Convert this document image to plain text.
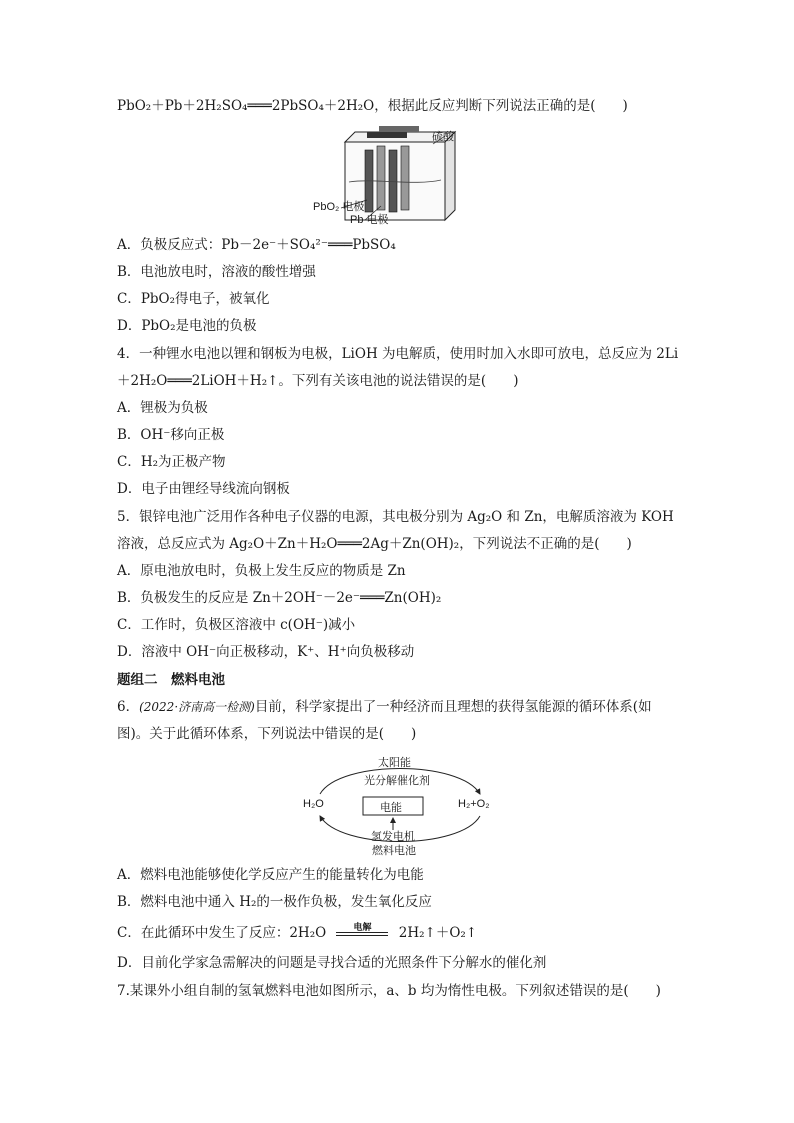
PbO₂＋Pb＋2H₂SO₄═══2PbSO₄＋2H₂O，根据此反应判断下列说法正确的是(　　)
硫酸
PbO₂ 电极
Pb 电极
A．负极反应式：Pb－2e⁻＋SO₄²⁻═══PbSO₄
B．电池放电时，溶液的酸性增强
C．PbO₂得电子，被氧化
D．PbO₂是电池的负极
4．一种锂水电池以锂和钢板为电极，LiOH 为电解质，使用时加入水即可放电，总反应为 2Li
＋2H₂O═══2LiOH＋H₂↑。下列有关该电池的说法错误的是(　　)
A．锂极为负极
B．OH⁻移向正极
C．H₂为正极产物
D．电子由锂经导线流向钢板
5．银锌电池广泛用作各种电子仪器的电源，其电极分别为 Ag₂O 和 Zn，电解质溶液为 KOH
溶液，总反应式为 Ag₂O＋Zn＋H₂O═══2Ag＋Zn(OH)₂，下列说法不正确的是(　　)
A．原电池放电时，负极上发生反应的物质是 Zn
B．负极发生的反应是 Zn＋2OH⁻－2e⁻═══Zn(OH)₂
C．工作时，负极区溶液中 c(OH⁻)减小
D．溶液中 OH⁻向正极移动，K⁺、H⁺向负极移动
题组二　燃料电池
6．(2022·济南高一检测)目前，科学家提出了一种经济而且理想的获得氢能源的循环体系(如
图)。关于此循环体系，下列说法中错误的是(　　)
太阳能
光分解催化剂
H₂O	H₂+O₂
电能
氢发电机
燃料电池
A．燃料电池能够使化学反应产生的能量转化为电能
B．燃料电池中通入 H₂的一极作负极，发生氧化反应
C．在此循环中发生了反应：2H₂O	电解	2H₂↑＋O₂↑
D．目前化学家急需解决的问题是寻找合适的光照条件下分解水的催化剂
7.某课外小组自制的氢氧燃料电池如图所示，a、b 均为惰性电极。下列叙述错误的是(　　)
